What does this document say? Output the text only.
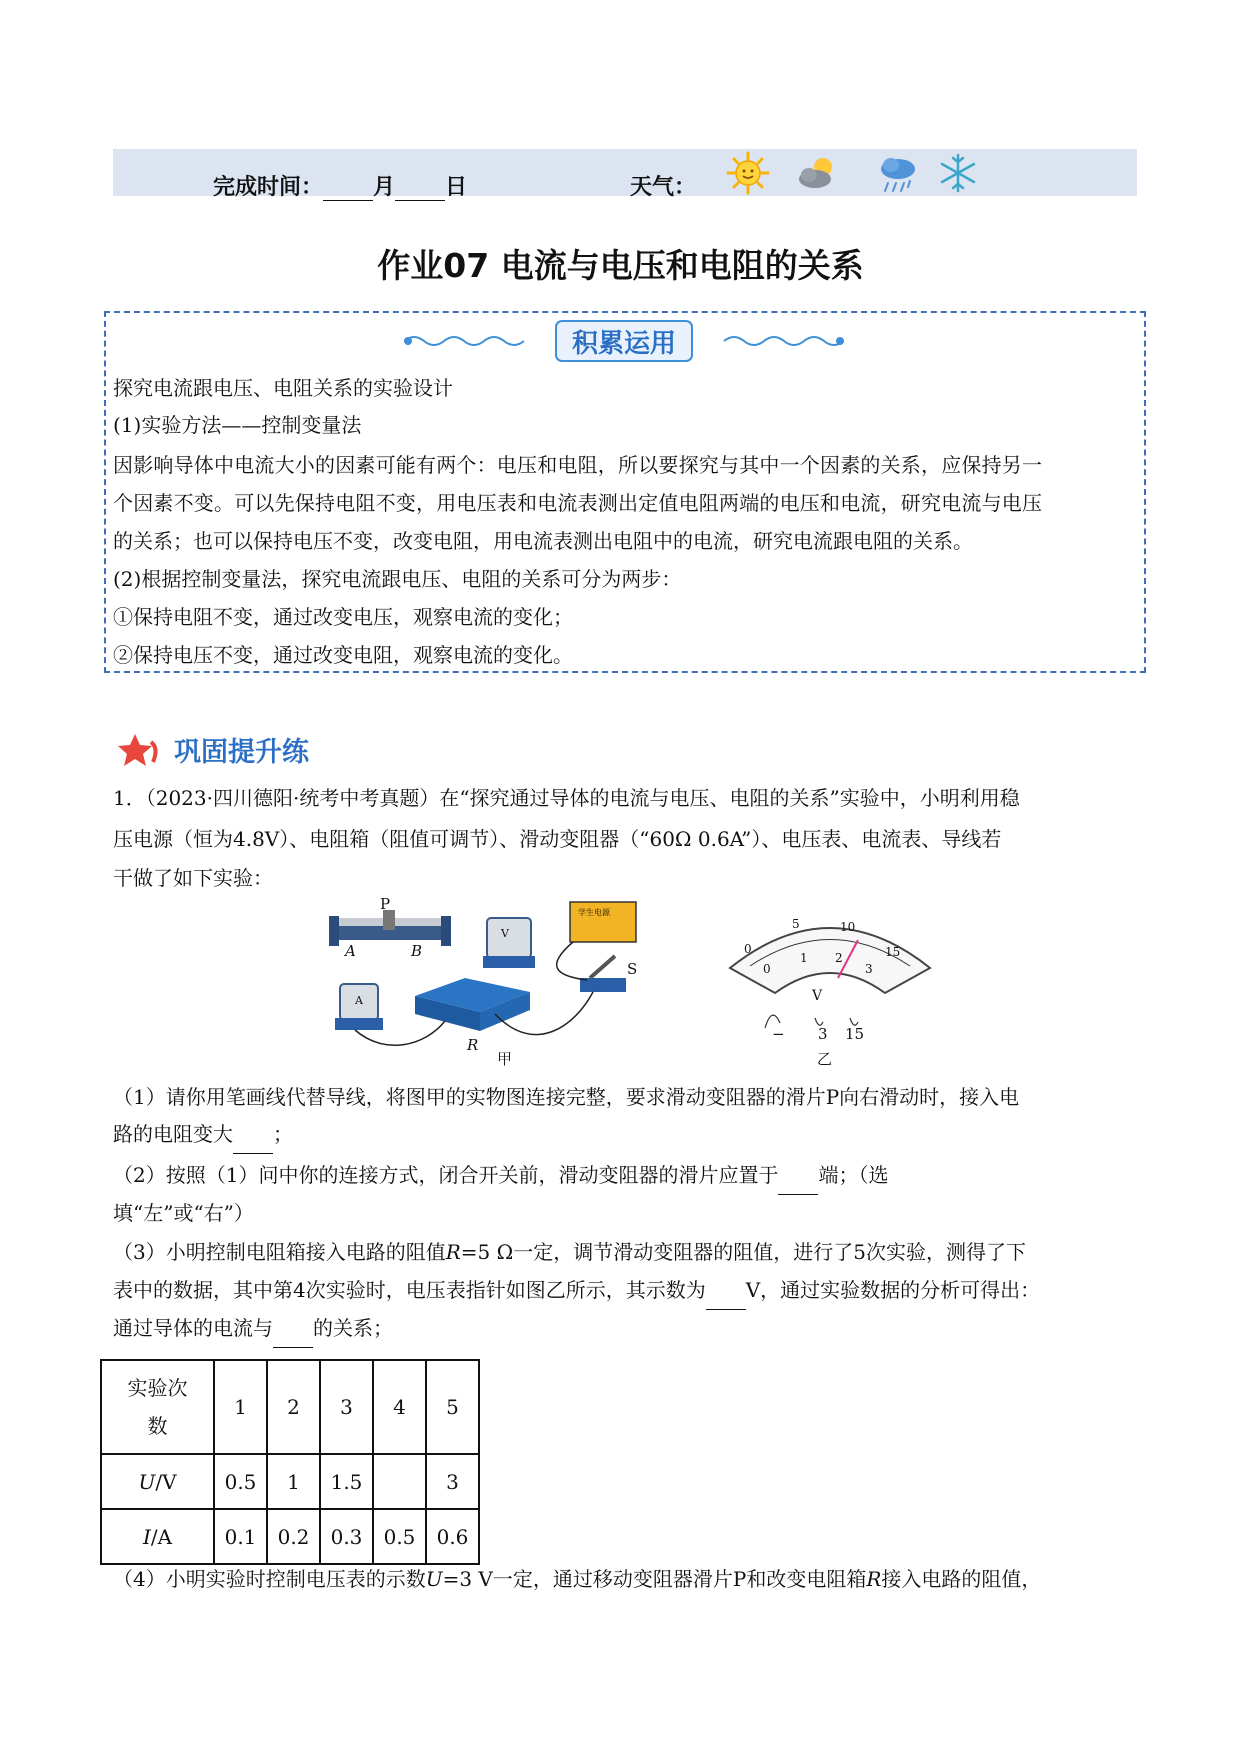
完成时间： 月 日	天气：
作业07 电流与电压和电阻的关系
积累运用
探究电流跟电压、电阻关系的实验设计
(1)实验方法——控制变量法
因影响导体中电流大小的因素可能有两个：电压和电阻，所以要探究与其中一个因素的关系，应保持另一
个因素不变。可以先保持电阻不变，用电压表和电流表测出定值电阻两端的电压和电流，研究电流与电压
的关系；也可以保持电压不变，改变电阻，用电流表测出电阻中的电流，研究电流跟电阻的关系。
(2)根据控制变量法，探究电流跟电压、电阻的关系可分为两步：
①保持电阻不变，通过改变电压，观察电流的变化；
②保持电压不变，通过改变电阻，观察电流的变化。
巩固提升练
1．（2023·四川德阳·统考中考真题）在“探究通过导体的电流与电压、电阻的关系”实验中，小明利用稳
压电源（恒为4.8V）、电阻箱（阻值可调节）、滑动变阻器（“60Ω 0.6A”）、电压表、电流表、导线若
干做了如下实验：
P
A	B
R
S
甲
V
A
学生电源
0
5	10
15
0
1 2
3
V
− 3 15
乙
（1）请你用笔画线代替导线，将图甲的实物图连接完整，要求滑动变阻器的滑片P向右滑动时，接入电
路的电阻变大 ；
（2）按照（1）问中你的连接方式，闭合开关前，滑动变阻器的滑片应置于 端；（选
填“左”或“右”）
（3）小明控制电阻箱接入电路的阻值R=5 Ω一定，调节滑动变阻器的阻值，进行了5次实验，测得了下
表中的数据，其中第4次实验时，电压表指针如图乙所示，其示数为 V，通过实验数据的分析可得出：
通过导体的电流与 的关系；
实验次
数	1	2	3	4	5
U/V	0.5	1	1.5		3
I/A	0.1	0.2	0.3	0.5	0.6
（4）小明实验时控制电压表的示数U=3 V一定，通过移动变阻器滑片P和改变电阻箱R接入电路的阻值，
